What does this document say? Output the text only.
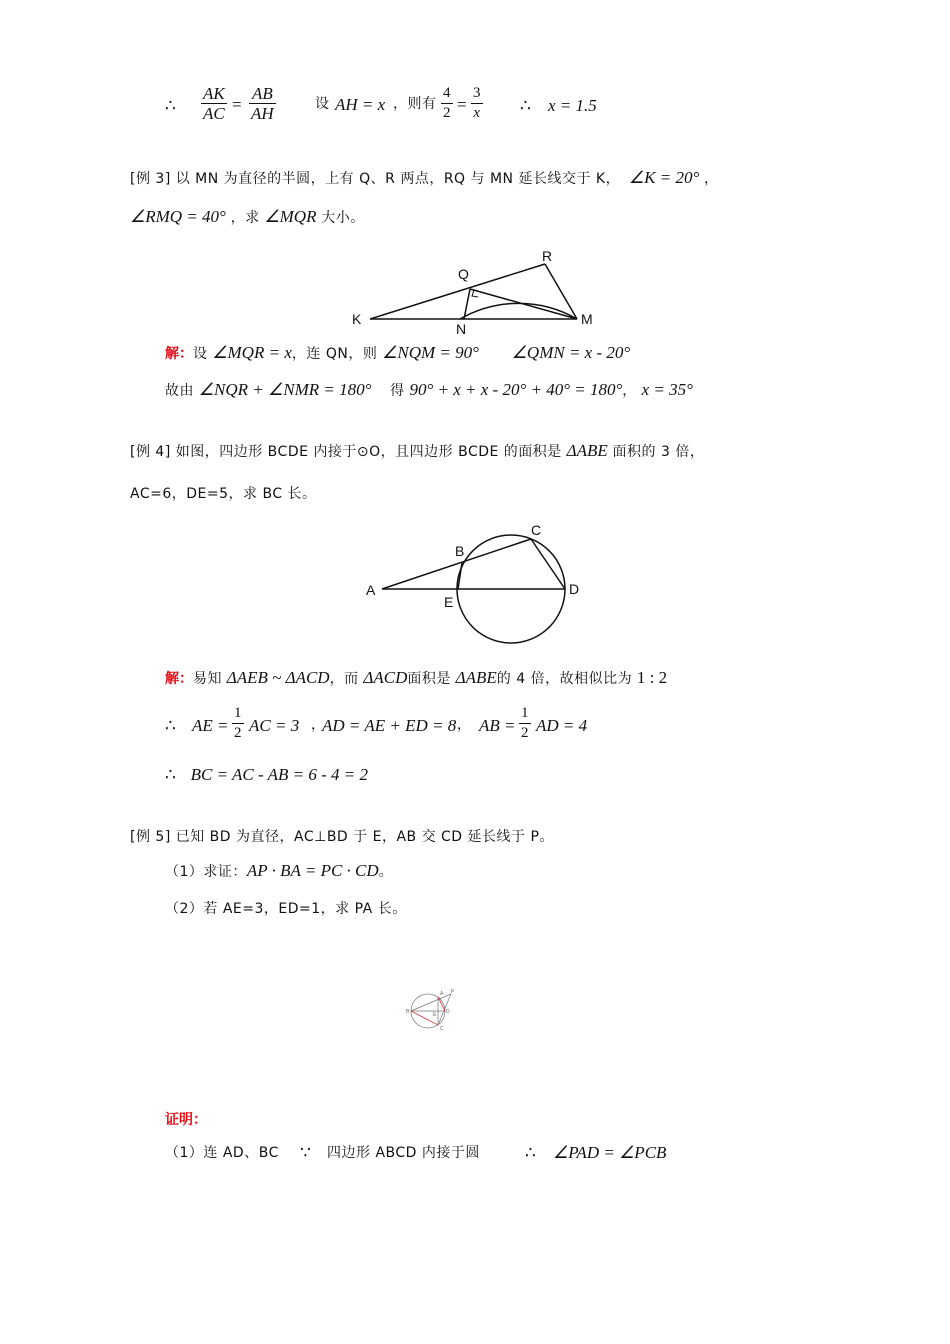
∴ $\frac{AK}{AC} = \frac{AB}{AH}$	设 AH = x ，则有 $\frac{4}{2} = \frac{3}{x}$ ∴ x = 1.5
[例 3] 以 MN 为直径的半圆，上有 Q、R 两点，RQ 与 MN 延长线交于 K， ∠K = 20° ，
∠RMQ = 40° ，求 ∠MQR 大小。
K
N
M
Q
R
解：设 ∠MQR = x，连 QN，则 ∠NQM = 90° ∠QMN = x - 20°
故由 ∠NQR + ∠NMR = 180° 得 90° + x + x - 20° + 40° = 180°， x = 35°
[例 4] 如图，四边形 BCDE 内接于⊙O，且四边形 BCDE 的面积是 ΔABE 面积的 3 倍，
AC=6，DE=5，求 BC 长。
A
B
C
D
E
解：易知 ΔAEB ~ ΔACD，而 ΔACD面积是 ΔABE的 4 倍，故相似比为 1 : 2
∴ AE = $\frac{1}{2}$ AC = 3 ，
AD = AE + ED = 8 ， AB = $\frac{1}{2}$ AD = 4
∴ BC = AC - AB = 6 - 4 = 2
[例 5] 已知 BD 为直径，AC⊥BD 于 E，AB 交 CD 延长线于 P。
（1）求证：AP · BA = PC · CD。
（2）若 AE=3，ED=1，求 PA 长。
A P
B	D
E
C
证明：
（1）连 AD、BC ∵ 四边形 ABCD 内接于圆	∴ ∠PAD = ∠PCB
